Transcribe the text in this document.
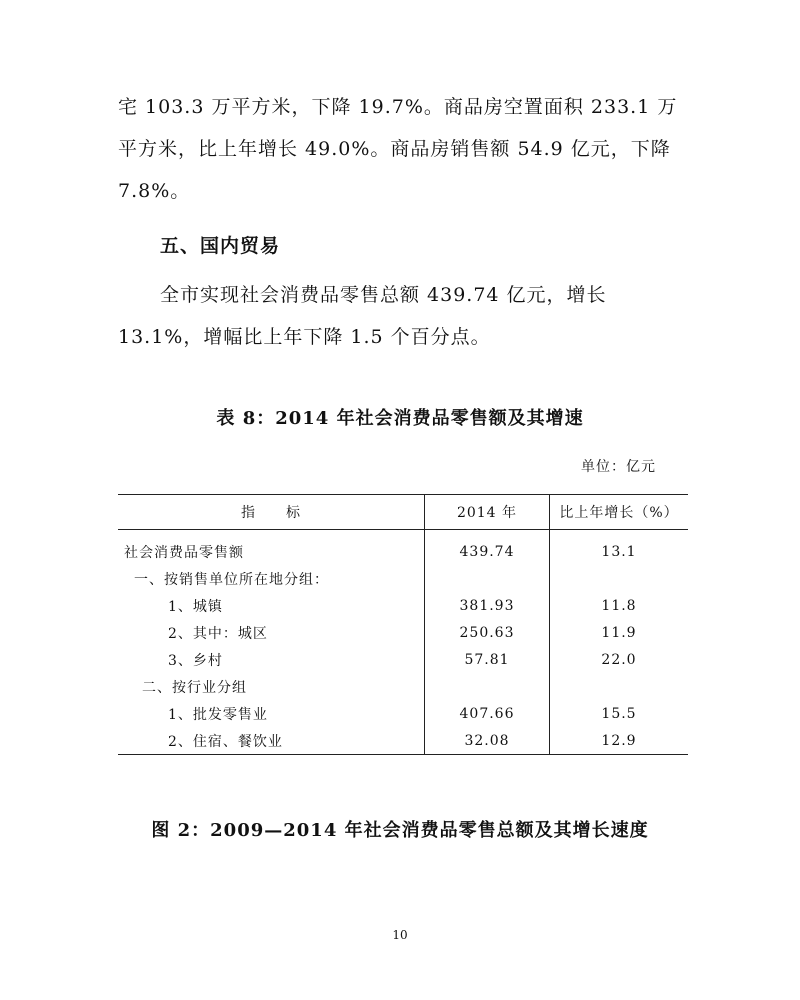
宅 103.3 万平方米，下降 19.7%。商品房空置面积 233.1 万平方米，比上年增长 49.0%。商品房销售额 54.9 亿元，下降 7.8%。

五、国内贸易

全市实现社会消费品零售总额 439.74 亿元，增长 13.1%，增幅比上年下降 1.5 个百分点。

表 8：2014 年社会消费品零售额及其增速
单位：亿元
指　　标	2014 年	比上年增长（%）
社会消费品零售额	439.74	13.1
一、按销售单位所在地分组：		
1、城镇	381.93	11.8
2、其中：城区	250.63	11.9
3、乡村	57.81	22.0
二、按行业分组		
1、批发零售业	407.66	15.5
2、住宿、餐饮业	32.08	12.9
图 2：2009—2014 年社会消费品零售总额及其增长速度
10
